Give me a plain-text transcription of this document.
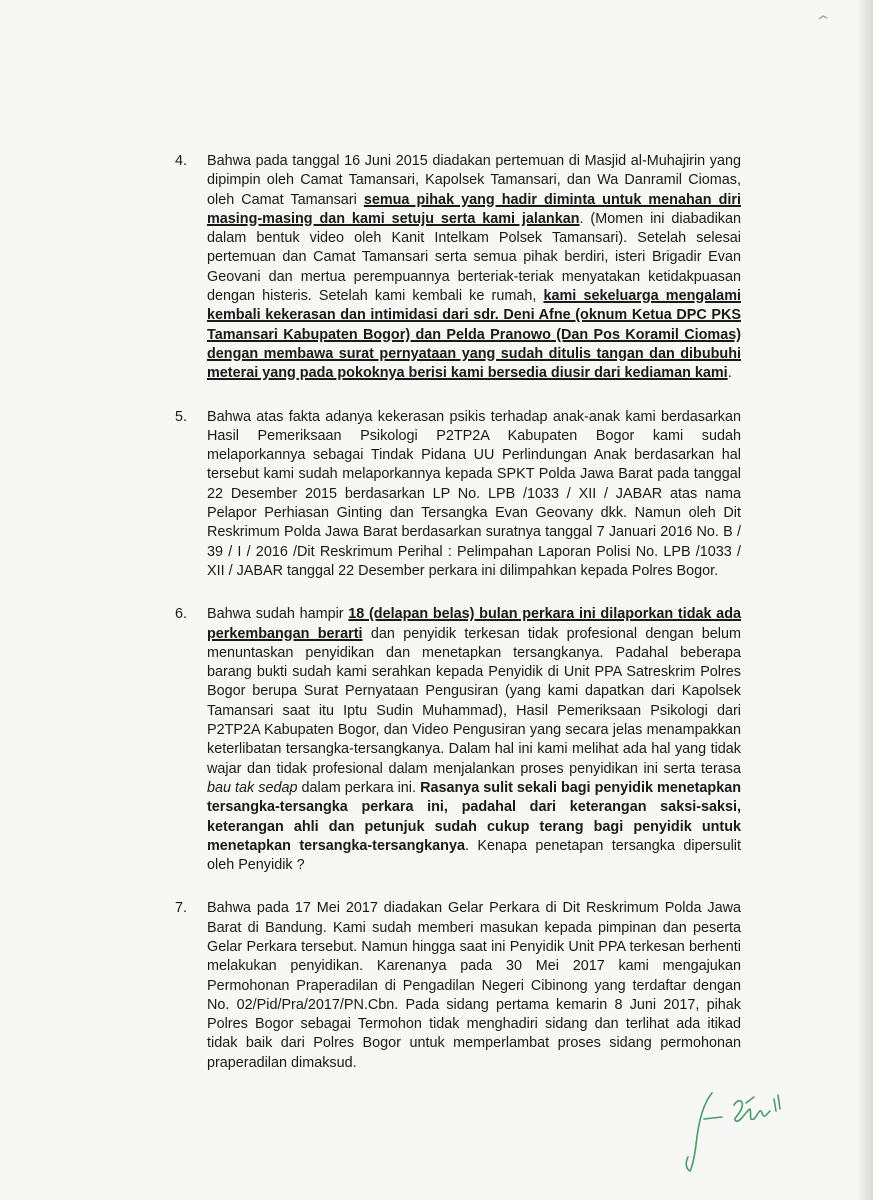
4. Bahwa pada tanggal 16 Juni 2015 diadakan pertemuan di Masjid al-Muhajirin yang dipimpin oleh Camat Tamansari, Kapolsek Tamansari, dan Wa Danramil Ciomas, oleh Camat Tamansari semua pihak yang hadir diminta untuk menahan diri masing-masing dan kami setuju serta kami jalankan. (Momen ini diabadikan dalam bentuk video oleh Kanit Intelkam Polsek Tamansari). Setelah selesai pertemuan dan Camat Tamansari serta semua pihak berdiri, isteri Brigadir Evan Geovani dan mertua perempuannya berteriak-teriak menyatakan ketidakpuasan dengan histeris. Setelah kami kembali ke rumah, kami sekeluarga mengalami kembali kekerasan dan intimidasi dari sdr. Deni Afne (oknum Ketua DPC PKS Tamansari Kabupaten Bogor) dan Pelda Pranowo (Dan Pos Koramil Ciomas) dengan membawa surat pernyataan yang sudah ditulis tangan dan dibubuhi meterai yang pada pokoknya berisi kami bersedia diusir dari kediaman kami.
5. Bahwa atas fakta adanya kekerasan psikis terhadap anak-anak kami berdasarkan Hasil Pemeriksaan Psikologi P2TP2A Kabupaten Bogor kami sudah melaporkannya sebagai Tindak Pidana UU Perlindungan Anak berdasarkan hal tersebut kami sudah melaporkannya kepada SPKT Polda Jawa Barat pada tanggal 22 Desember 2015 berdasarkan LP No. LPB /1033 / XII / JABAR atas nama Pelapor Perhiasan Ginting dan Tersangka Evan Geovany dkk. Namun oleh Dit Reskrimum Polda Jawa Barat berdasarkan suratnya tanggal 7 Januari 2016 No. B / 39 / I / 2016 /Dit Reskrimum Perihal : Pelimpahan Laporan Polisi No. LPB /1033 / XII / JABAR tanggal 22 Desember perkara ini dilimpahkan kepada Polres Bogor.
6. Bahwa sudah hampir 18 (delapan belas) bulan perkara ini dilaporkan tidak ada perkembangan berarti dan penyidik terkesan tidak profesional dengan belum menuntaskan penyidikan dan menetapkan tersangkanya. Padahal beberapa barang bukti sudah kami serahkan kepada Penyidik di Unit PPA Satreskrim Polres Bogor berupa Surat Pernyataan Pengusiran (yang kami dapatkan dari Kapolsek Tamansari saat itu Iptu Sudin Muhammad), Hasil Pemeriksaan Psikologi dari P2TP2A Kabupaten Bogor, dan Video Pengusiran yang secara jelas menampakkan keterlibatan tersangka-tersangkanya. Dalam hal ini kami melihat ada hal yang tidak wajar dan tidak profesional dalam menjalankan proses penyidikan ini serta terasa bau tak sedap dalam perkara ini. Rasanya sulit sekali bagi penyidik menetapkan tersangka-tersangka perkara ini, padahal dari keterangan saksi-saksi, keterangan ahli dan petunjuk sudah cukup terang bagi penyidik untuk menetapkan tersangka-tersangkanya. Kenapa penetapan tersangka dipersulit oleh Penyidik ?
7. Bahwa pada 17 Mei 2017 diadakan Gelar Perkara di Dit Reskrimum Polda Jawa Barat di Bandung. Kami sudah memberi masukan kepada pimpinan dan peserta Gelar Perkara tersebut. Namun hingga saat ini Penyidik Unit PPA terkesan berhenti melakukan penyidikan. Karenanya pada 30 Mei 2017 kami mengajukan Permohonan Praperadilan di Pengadilan Negeri Cibinong yang terdaftar dengan No. 02/Pid/Pra/2017/PN.Cbn. Pada sidang pertama kemarin 8 Juni 2017, pihak Polres Bogor sebagai Termohon tidak menghadiri sidang dan terlihat ada itikad tidak baik dari Polres Bogor untuk memperlambat proses sidang permohonan praperadilan dimaksud.
